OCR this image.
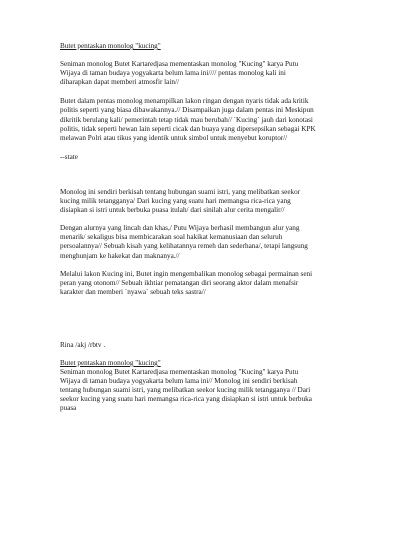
Butet pentaskan monolog "kucing"

Seniman monolog Butet Kartaredjasa mementaskan monolog "Kucing" karya Putu
Wijaya di taman budaya yogyakarta belum lama ini//// pentas monolog kali ini
diharapkan dapat memberi atmosfir lain//

Butet dalam pentas monolog menampilkan lakon ringan dengan nyaris tidak ada kritik
politis seperti yang biasa dibawakannya.// Disampaikan juga dalam pentas ini Meskipun
dikritik berulang kali/ pemerintah tetap tidak mau berubah// `Kucing` jauh dari konotasi
politis, tidak seperti hewan lain seperti cicak dan buaya yang dipersepsikan sebagai KPK
melawan Polri atau tikus yang identik untuk simbol untuk menyebut koruptor//

--state

Monolog ini sendiri berkisah tentang hubungan suami istri, yang melibatkan seekor
kucing milik tetangganya/ Dari kucing yang suatu hari memangsa rica-rica yang
disiapkan si istri untuk berbuka puasa itulah/ dari sinilah alur cerita mengalir//

Dengan alurnya yang lincah dan khas,/ Putu Wijaya berhasil membangun alur yang
menarik/ sekaligus bisa membicarakan soal hakikat kemanusiaan dan seluruh
persoalannya// Sebuah kisah yang kelihatannya remeh dan sederhana/, tetapi langsung
menghunjam ke hakekat dan maknanya.//

Melalui lakon Kucing ini, Butet ingin mengembalikan monolog sebagai permainan seni
peran yang otonom// Sebuah ikhtiar pematangan diri seorang aktor dalam menafsir
karakter dan memberi `nyawa` sebuah teks sastra//

Rina /akj /rbtv .

Butet pentaskan monolog "kucing"

Seniman monolog Butet Kartaredjasa mementaskan monolog "Kucing" karya Putu
Wijaya di taman budaya yogyakarta belum lama ini// Monolog ini sendiri berkisah
tentang hubungan suami istri, yang melibatkan seekor kucing milik tetangganya // Dari
seekor kucing yang suatu hari memangsa rica-rica yang disiapkan si istri untuk berbuka
puasa
